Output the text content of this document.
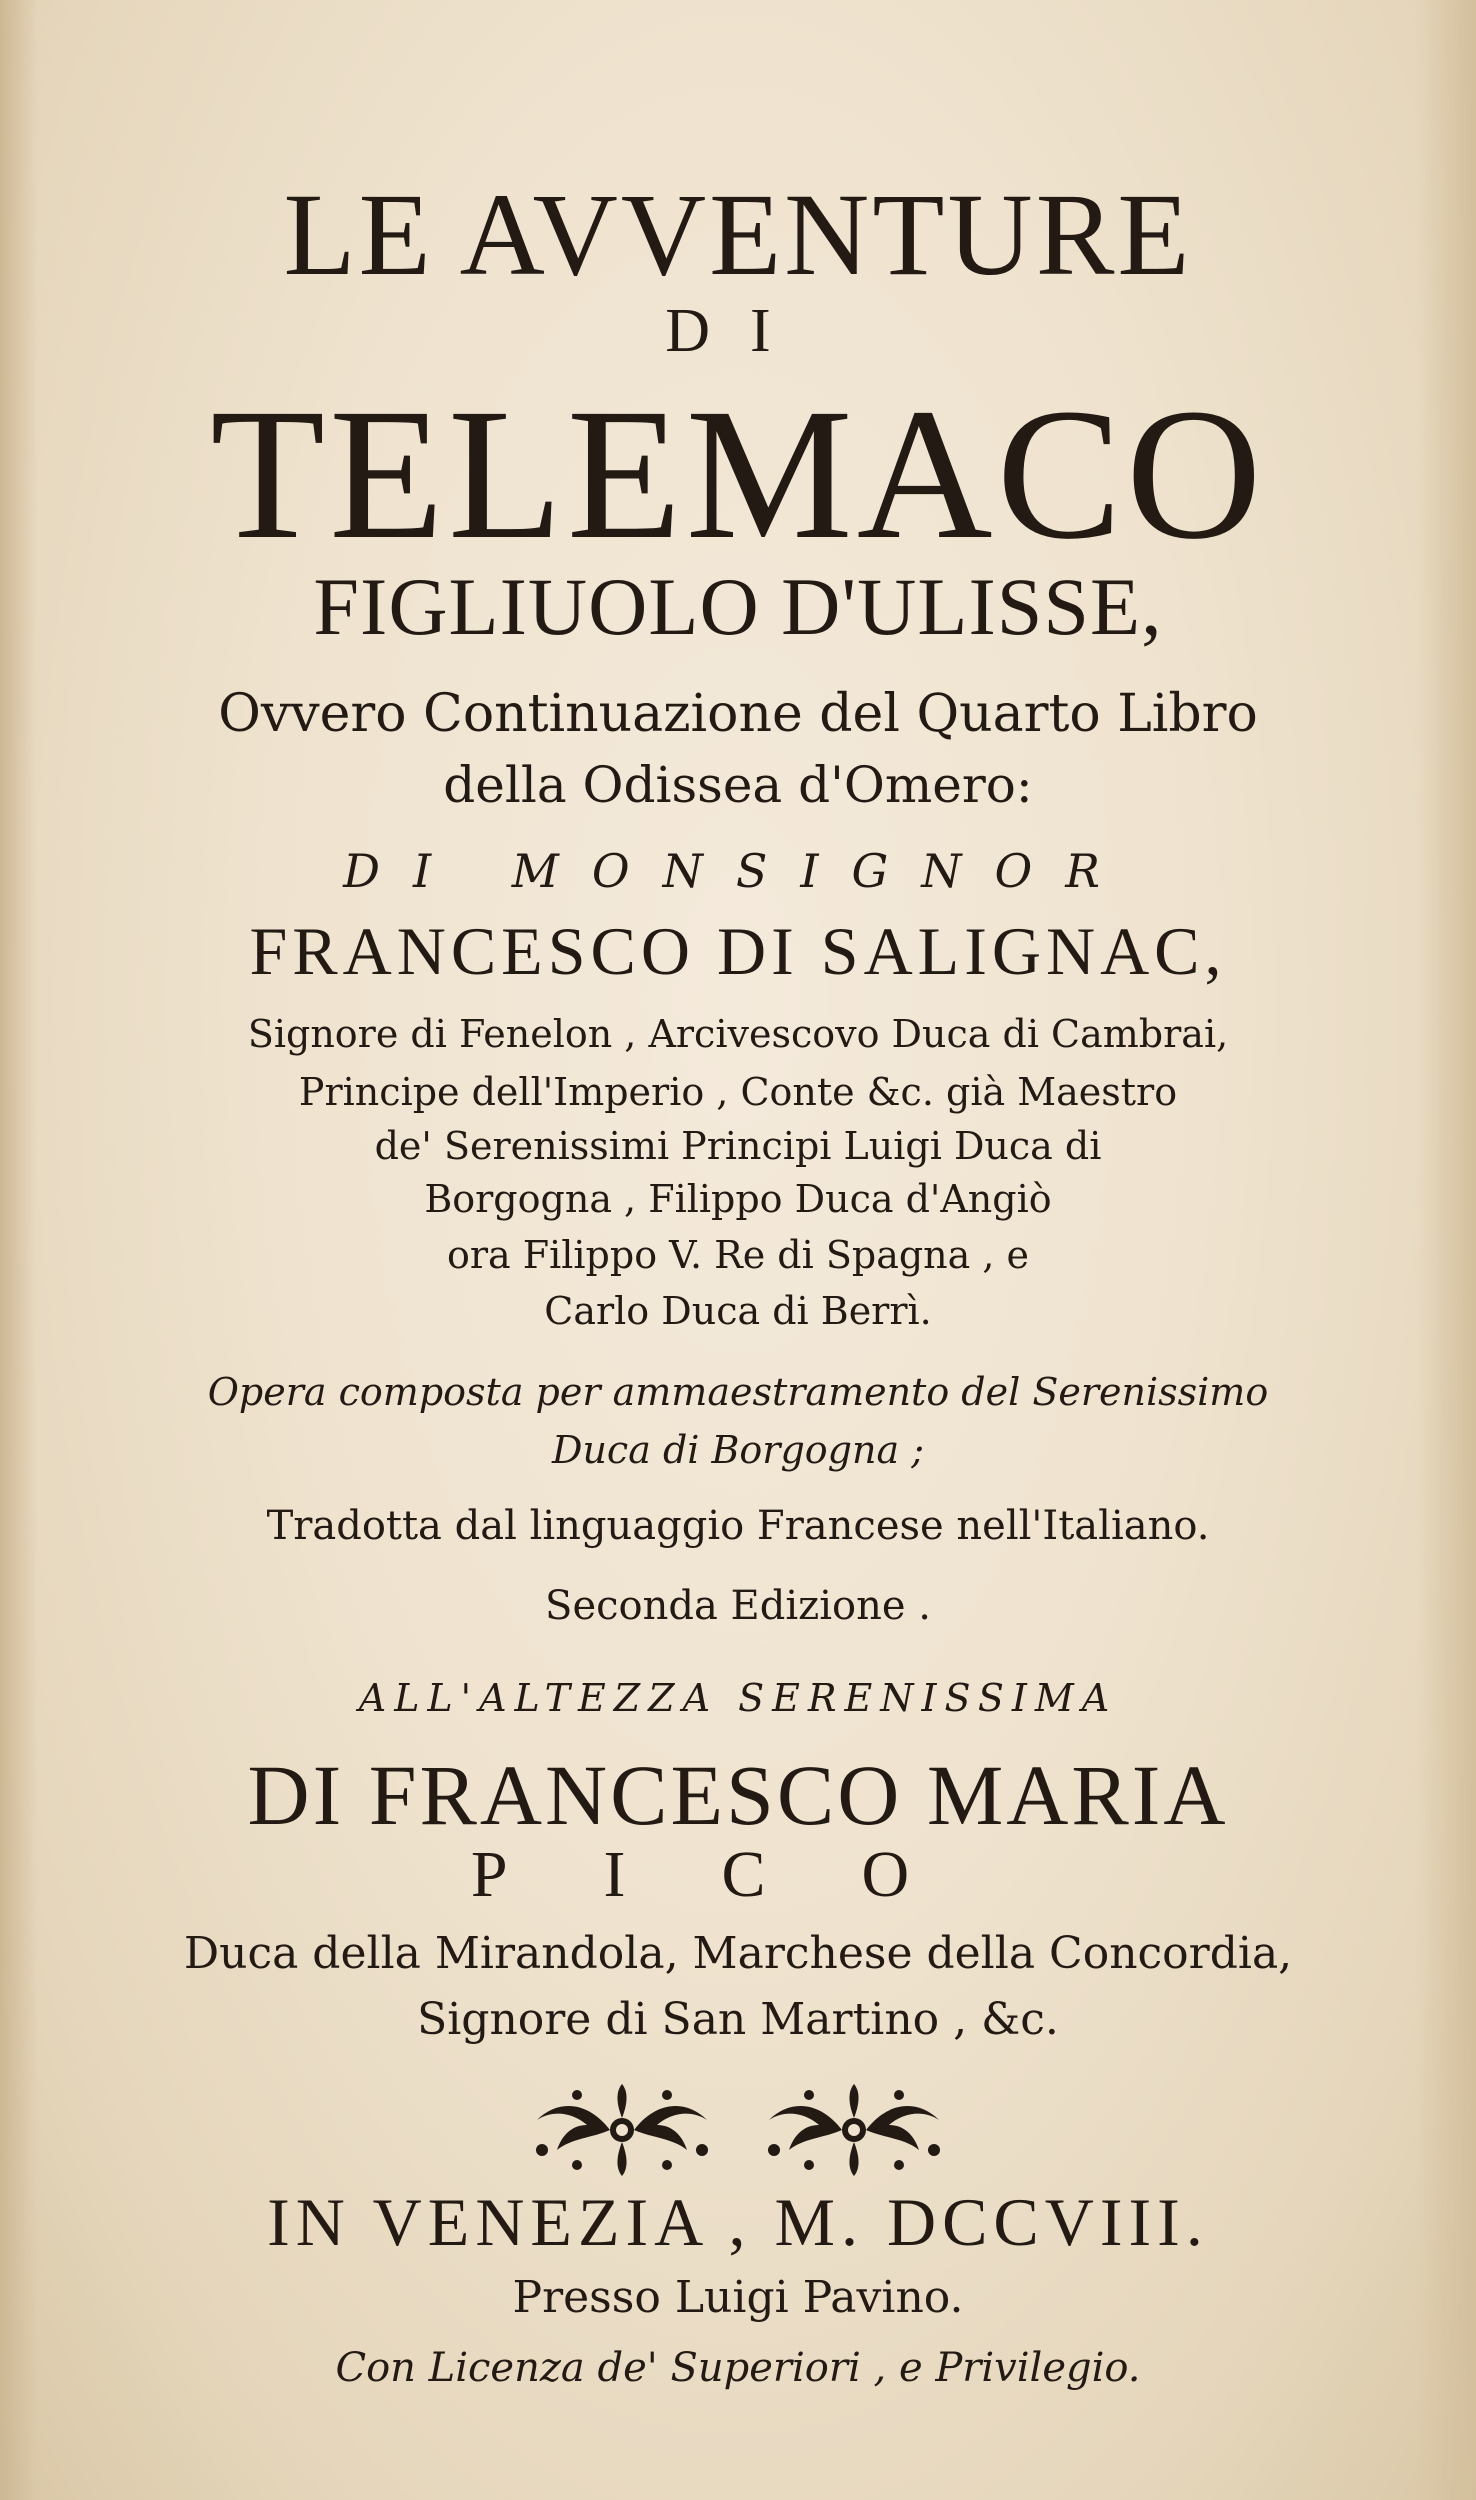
LE AVVENTURE
DI
TELEMACO
FIGLIUOLO D'ULISSE,
Ovvero Continuazione del Quarto Libro
della Odissea d'Omero:
DI MONSIGNOR
FRANCESCO DI SALIGNAC,
Signore di Fenelon , Arcivescovo Duca di Cambrai,
Principe dell'Imperio , Conte &c. già Maestro
de' Serenissimi Principi Luigi Duca di
Borgogna , Filippo Duca d'Angiò
ora Filippo V. Re di Spagna , e
Carlo Duca di Berrì.
Opera composta per ammaestramento del Serenissimo
Duca di Borgogna ;
Tradotta dal linguaggio Francese nell'Italiano.
Seconda Edizione .
ALL'ALTEZZA SERENISSIMA
DI FRANCESCO MARIA
PICO
Duca della Mirandola, Marchese della Concordia,
Signore di San Martino , &c.
IN VENEZIA , M. DCCVIII.
Presso Luigi Pavino.
Con Licenza de' Superiori , e Privilegio.
